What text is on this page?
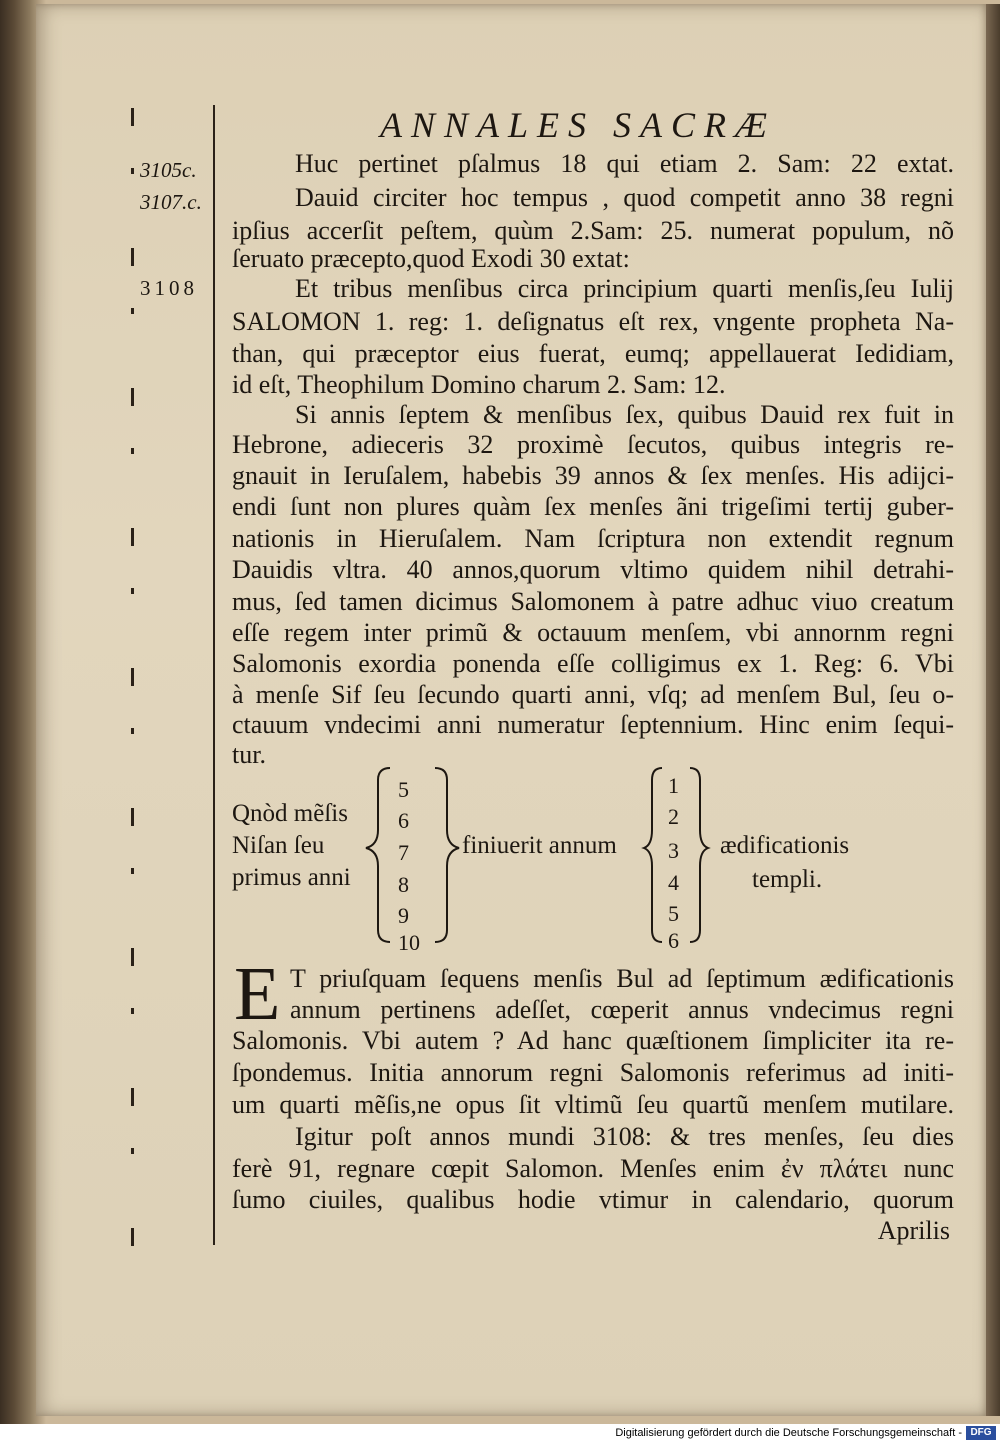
ANNALES SACRÆ
3105c.
3107.c.
3108
Huc pertinet pſalmus 18 qui etiam 2. Sam: 22 extat.
Dauid circiter hoc tempus , quod competit anno 38 regni
ipſius accerſit peſtem, quùm 2.Sam: 25. numerat populum, nõ
ſeruato præcepto,quod Exodi 30 extat:
Et tribus menſibus circa principium quarti menſis,ſeu Iulij
SALOMON 1. reg: 1. deſignatus eſt rex, vngente propheta Na-
than, qui præceptor eius fuerat, eumq; appellauerat Iedidiam,
id eſt, Theophilum Domino charum 2. Sam: 12.
Si annis ſeptem & menſibus ſex, quibus Dauid rex fuit in
Hebrone, adieceris 32 proximè ſecutos, quibus integris re-
gnauit in Ieruſalem, habebis 39 annos & ſex menſes. His adijci-
endi ſunt non plures quàm ſex menſes ãni trigeſimi tertij guber-
nationis in Hieruſalem. Nam ſcriptura non extendit regnum
Dauidis vltra. 40 annos,quorum vltimo quidem nihil detrahi-
mus, ſed tamen dicimus Salomonem à patre adhuc viuo creatum
eſſe regem inter primũ & octauum menſem, vbi annornm regni
Salomonis exordia ponenda eſſe colligimus ex 1. Reg: 6. Vbi
à menſe Sif ſeu ſecundo quarti anni, vſq; ad menſem Bul, ſeu o-
ctauum vndecimi anni numeratur ſeptennium. Hinc enim ſequi-
tur.
Qnòd mẽſis
Niſan ſeu
primus anni
5
6
7
8
9
10
finiuerit annum
1
2
3
4
5
6
ædificationis
templi.
E T priuſquam ſequens menſis Bul ad ſeptimum ædificationis
annum pertinens adeſſet, cœperit annus vndecimus regni
Salomonis. Vbi autem ? Ad hanc quæſtionem ſimpliciter ita re-
ſpondemus. Initia annorum regni Salomonis referimus ad initi-
um quarti mẽſis,ne opus ſit vltimũ ſeu quartũ menſem mutilare.
Igitur poſt annos mundi 3108: & tres menſes, ſeu dies
ferè 91, regnare cœpit Salomon. Menſes enim ἐν πλάτει nunc
ſumo ciuiles, qualibus hodie vtimur in calendario, quorum
Aprilis
Digitalisierung gefördert durch die Deutsche Forschungsgemeinschaft - DFG
